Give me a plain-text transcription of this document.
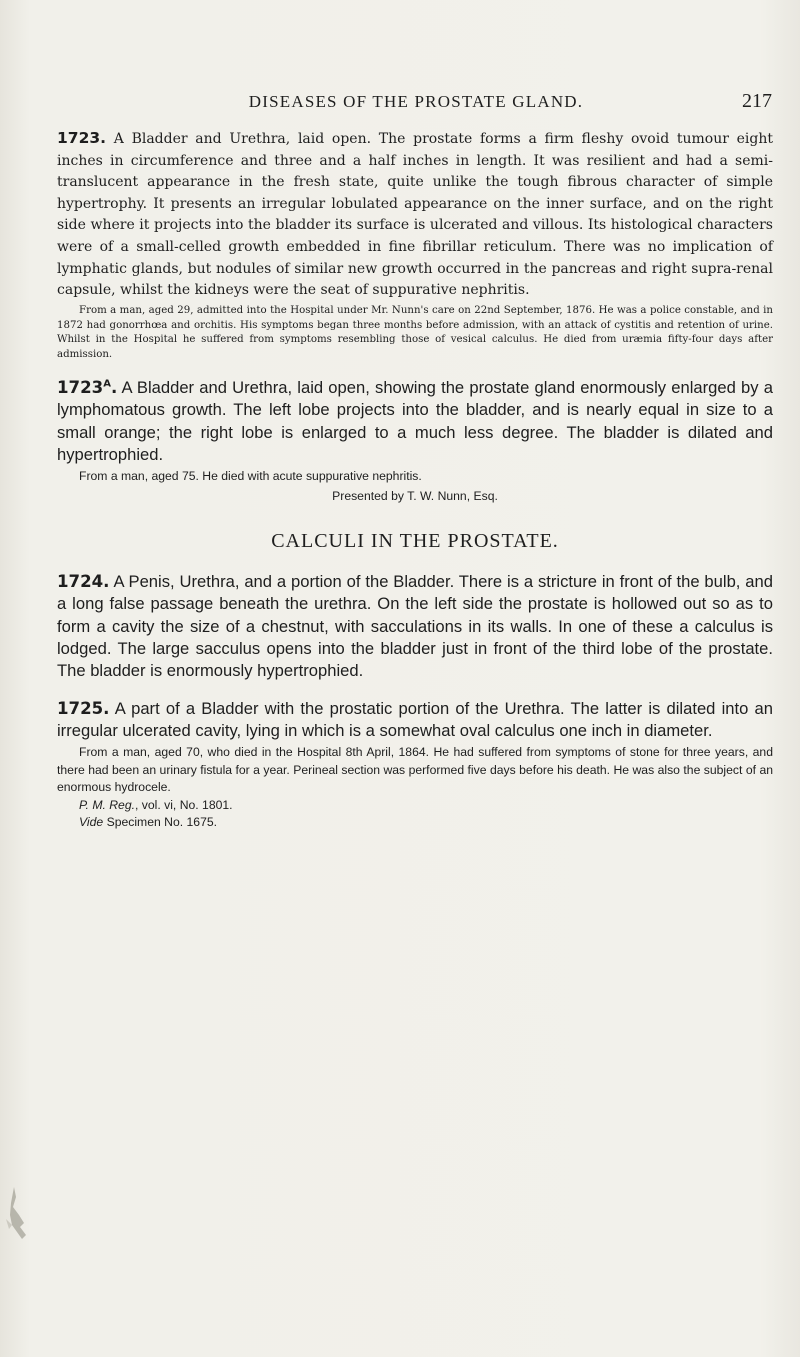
DISEASES OF THE PROSTATE GLAND.	217

1723. A Bladder and Urethra, laid open. The prostate forms a firm fleshy ovoid tumour eight inches in circumference and three and a half inches in length. It was resilient and had a semi-translucent appearance in the fresh state, quite unlike the tough fibrous character of simple hypertrophy. It presents an irregular lobulated appearance on the inner surface, and on the right side where it projects into the bladder its surface is ulcerated and villous. Its histological characters were of a small-celled growth embedded in fine fibrillar reticulum. There was no implication of lymphatic glands, but nodules of similar new growth occurred in the pancreas and right supra-renal capsule, whilst the kidneys were the seat of suppurative nephritis.

From a man, aged 29, admitted into the Hospital under Mr. Nunn's care on 22nd September, 1876. He was a police constable, and in 1872 had gonorrhœa and orchitis. His symptoms began three months before admission, with an attack of cystitis and retention of urine. Whilst in the Hospital he suffered from symptoms resembling those of vesical calculus. He died from uræmia fifty-four days after admission.

$1723^A$. A Bladder and Urethra, laid open, showing the prostate gland enormously enlarged by a lymphomatous growth. The left lobe projects into the bladder, and is nearly equal in size to a small orange; the right lobe is enlarged to a much less degree. The bladder is dilated and hypertrophied.

From a man, aged 75. He died with acute suppurative nephritis.

Presented by T. W. Nunn, Esq.

CALCULI IN THE PROSTATE.

1724. A Penis, Urethra, and a portion of the Bladder. There is a stricture in front of the bulb, and a long false passage beneath the urethra. On the left side the prostate is hollowed out so as to form a cavity the size of a chestnut, with sacculations in its walls. In one of these a calculus is lodged. The large sacculus opens into the bladder just in front of the third lobe of the prostate. The bladder is enormously hypertrophied.

1725. A part of a Bladder with the prostatic portion of the Urethra. The latter is dilated into an irregular ulcerated cavity, lying in which is a somewhat oval calculus one inch in diameter.

From a man, aged 70, who died in the Hospital 8th April, 1864. He had suffered from symptoms of stone for three years, and there had been an urinary fistula for a year. Perineal section was performed five days before his death. He was also the subject of an enormous hydrocele.

P. M. Reg., vol. vi, No. 1801.

Vide Specimen No. 1675.
